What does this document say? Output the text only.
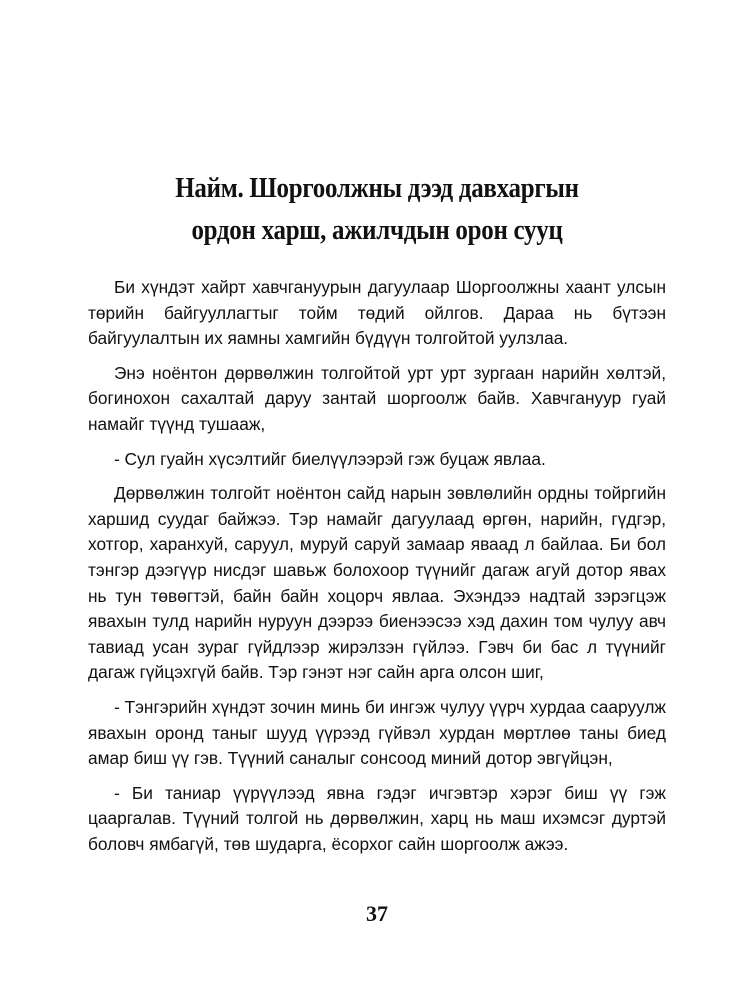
Найм. Шоргоолжны дээд давхаргын
ордон харш, ажилчдын орон сууц

Би хүндэт хайрт хавчгануурын дагуулаар Шоргоолжны хаант улсын төрийн байгууллагтыг тойм төдий ойлгов. Дараа нь бүтээн байгуулалтын их яамны хамгийн бүдүүн толгойтой уулзлаа.

Энэ ноёнтон дөрвөлжин толгойтой урт урт зургаан нарийн хөлтэй, богинохон сахалтай даруу зантай шоргоолж байв. Хавчгануур гуай намайг түүнд тушааж,

- Сул гуайн хүсэлтийг биелүүлээрэй гэж буцаж явлаа.

Дөрвөлжин толгойт ноёнтон сайд нарын зөвлөлийн ордны тойргийн харшид суудаг байжээ. Тэр намайг дагуулаад өргөн, нарийн, гүдгэр, хотгор, харанхуй, саруул, муруй саруй замаар яваад л байлаа. Би бол тэнгэр дээгүүр нисдэг шавьж болохоор түүнийг дагаж агуй дотор явах нь тун төвөгтэй, байн байн хоцорч явлаа. Эхэндээ надтай зэрэгцэж явахын тулд нарийн нуруун дээрээ биенээсээ хэд дахин том чулуу авч тавиад усан зураг гүйдлээр жирэлзэн гүйлээ. Гэвч би бас л түүнийг дагаж гүйцэхгүй байв. Тэр гэнэт нэг сайн арга олсон шиг,

- Тэнгэрийн хүндэт зочин минь би ингэж чулуу үүрч хурдаа сааруулж явахын оронд таныг шууд үүрээд гүйвэл хурдан мөртлөө таны биед амар биш үү гэв. Түүний саналыг сонсоод миний дотор эвгүйцэн,

- Би таниар үүрүүлээд явна гэдэг ичгэвтэр хэрэг биш үү гэж цааргалав. Түүний толгой нь дөрвөлжин, харц нь маш ихэмсэг дуртэй боловч ямбагүй, төв шударга, ёсорхог сайн шоргоолж ажээ.

37
